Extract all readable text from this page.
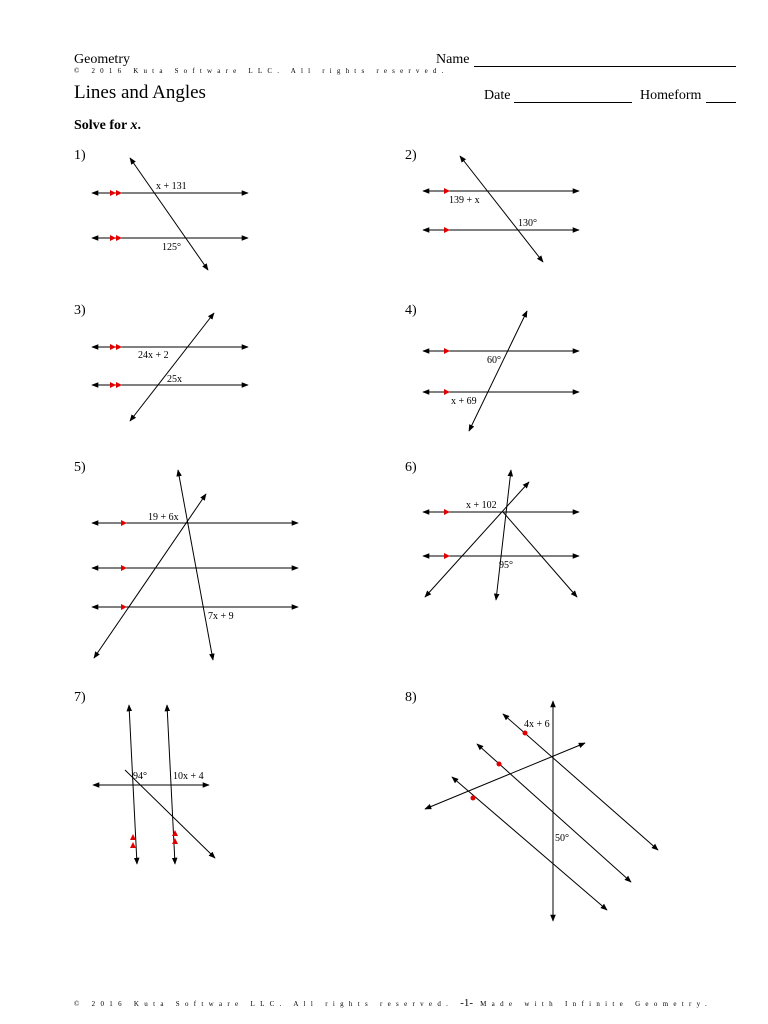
Geometry
© 2016 Kuta Software LLC. All rights reserved.
Name
Lines and Angles	Date	Homeform
Solve for x.
1)
x + 131
125°
2)
139 + x
130°
3)
24x + 2
25x
4)
60°
x + 69
5)
19 + 6x
7x + 9
6)
x + 102
95°
7)
94°	10x + 4
8)
4x + 6
50°
© 2016 Kuta Software LLC. All rights reserved. -1- Made with Infinite Geometry.
